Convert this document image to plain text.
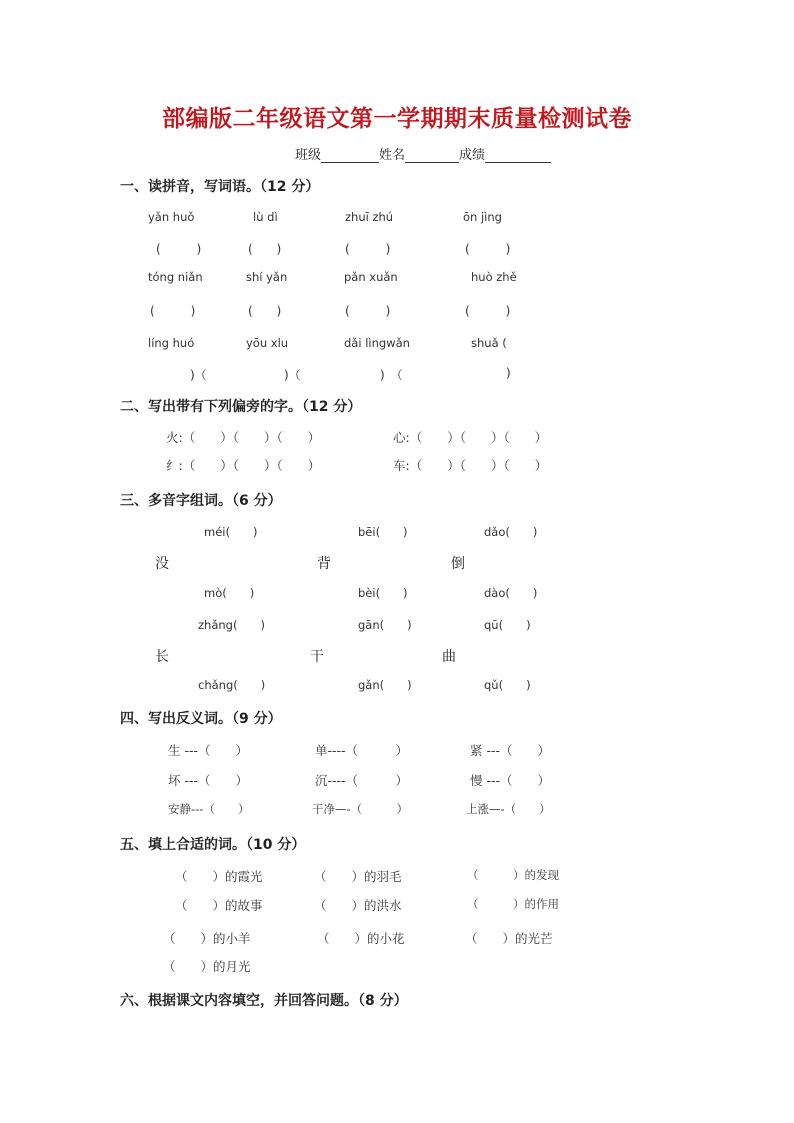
部编版二年级语文第一学期期末质量检测试卷
班级	姓名	成绩
一、读拼音，写词语。（12 分）
yǎn huǒ	lù dì	zhuī zhú	ōn jìng
(　　　)	(　　)	(　　　)	(　　　)
tóng niǎn	shí yǎn	pǎn xuǎn	huò zhě
(　　　)	(　　)	(　　　)	(　　　)
líng huó	yōu xlu	dǎi lìngwǎn	shuǎ (
)（	)（	)　（	)
二、写出带有下列偏旁的字。（12 分）
火:（　　）（　　）（　　）	心:（　　）（　　）（　　）
纟:（　　）（　　）（　　）	车:（　　）（　　）（　　）
三、多音字组词。（6 分）
méi(　　)	bēi(　　)	dǎo(　　)
没	背	倒
mò(　　)	bèi(　　)	dào(　　)
zhǎng(　　)	gān(　　)	qū(　　)
长	干	曲
chǎng(　　)	gǎn(　　)	qǔ(　　)
四、写出反义词。（9 分）
生 ---（　　）	单----（　　　）	紧 ---（　　）
坏 ---（　　）	沉----（　　　）	慢 ---（　　）
安静---（　　）	干净—-（　　　）	上涨—-（　　）
五、填上合适的词。（10 分）
（　　）的霞光	（　　）的羽毛	（　　　）的发现
（　　）的故事	（　　）的洪水	（　　　）的作用
（　　）的小羊	（　　）的小花	（　　）的光芒
（　　）的月光
六、根据课文内容填空，并回答问题。（8 分）
